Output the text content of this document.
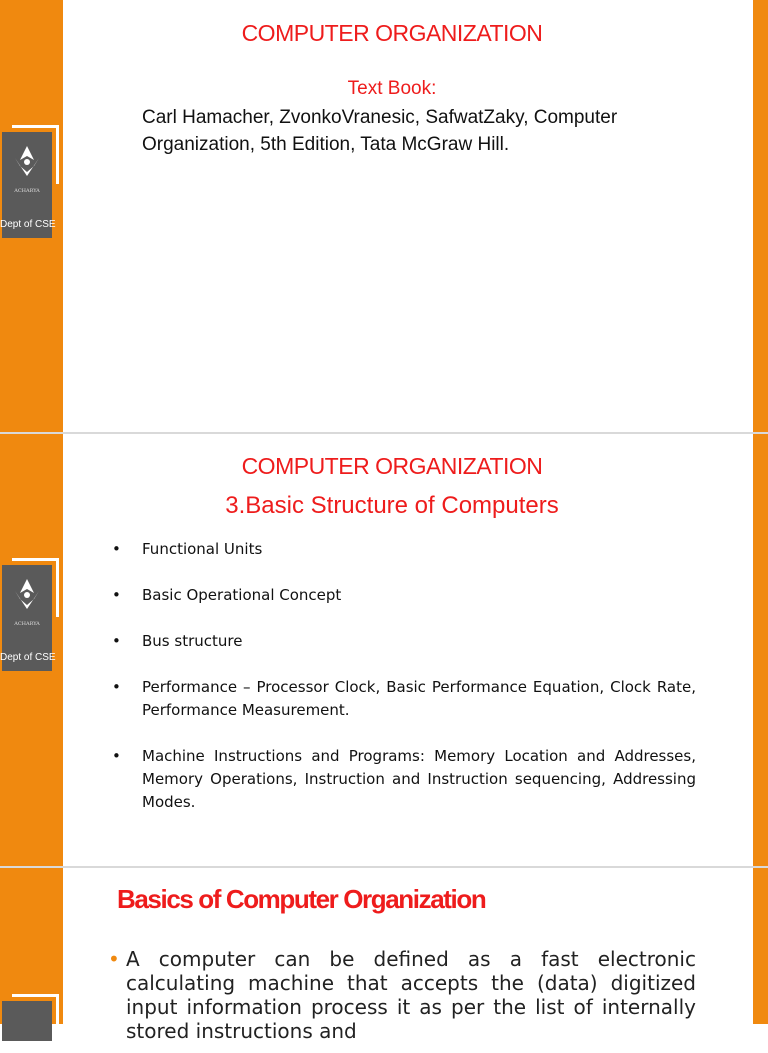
ACHARYA
Dept of CSE
COMPUTER ORGANIZATION
Text Book:
Carl Hamacher, ZvonkoVranesic, SafwatZaky, Computer Organization, 5th Edition, Tata McGraw Hill.
ACHARYA
Dept of CSE
COMPUTER ORGANIZATION
3.Basic Structure of Computers
• Functional Units
• Basic Operational Concept
• Bus structure
• Performance – Processor Clock, Basic Performance Equation, Clock Rate, Performance Measurement.
• Machine Instructions and Programs: Memory Location and Addresses, Memory Operations, Instruction and Instruction sequencing, Addressing Modes.
Basics of Computer Organization
• A computer can be defined as a fast electronic calculating machine that accepts the (data) digitized input information process it as per the list of internally stored instructions and
